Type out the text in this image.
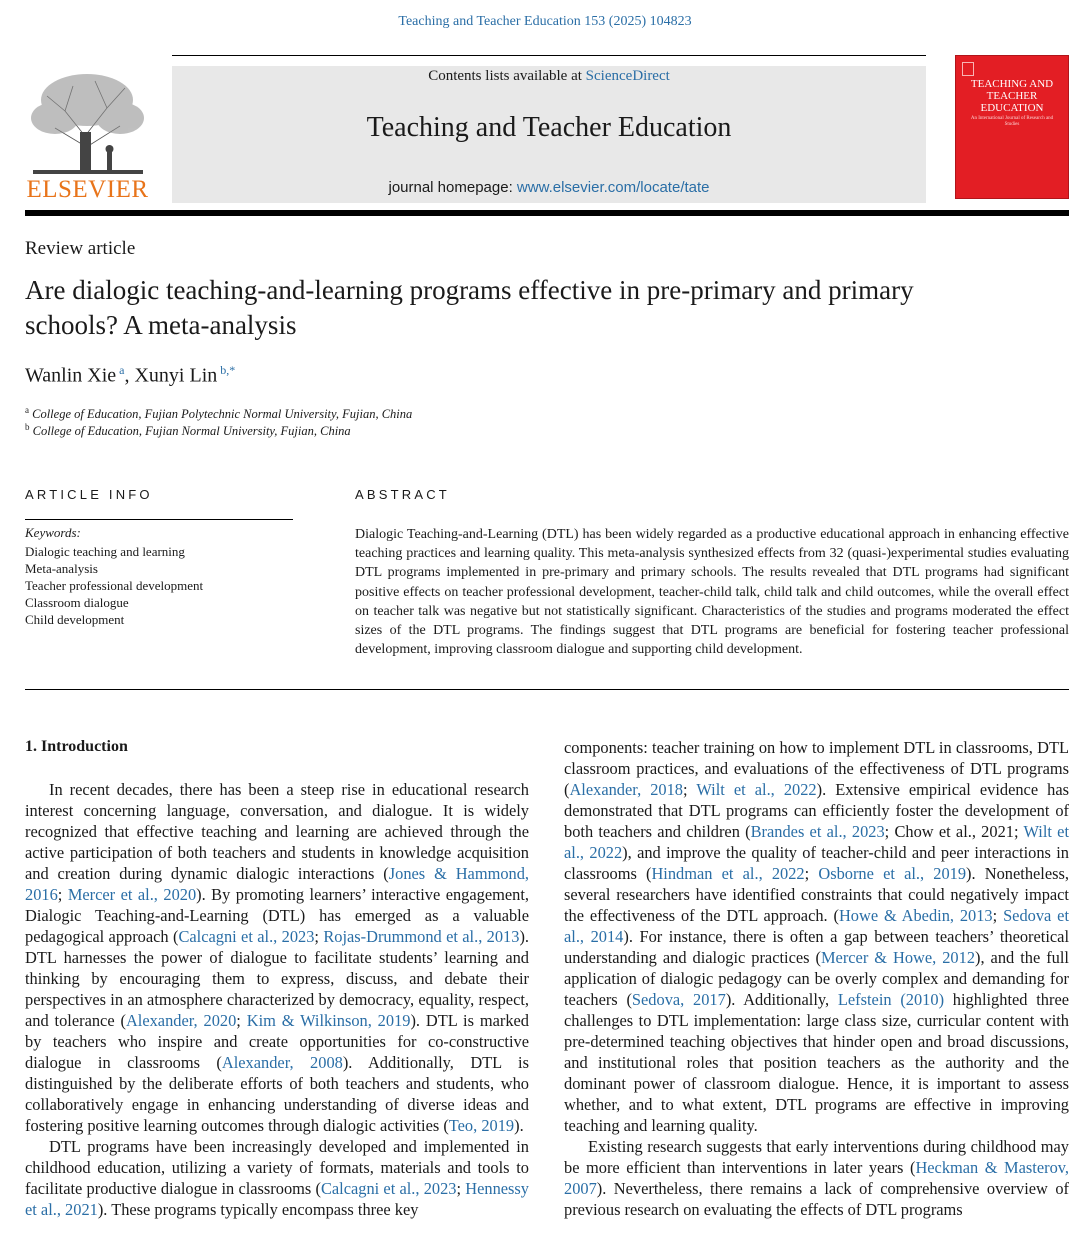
Teaching and Teacher Education 153 (2025) 104823
ELSEVIER
Contents lists available at ScienceDirect
Teaching and Teacher Education
journal homepage: www.elsevier.com/locate/tate
TEACHING AND TEACHER EDUCATION
An International Journal of Research and Studies
Review article
Are dialogic teaching-and-learning programs effective in pre-primary and primary schools? A meta-analysis
Wanlin Xie $^a$, Xunyi Lin $^{b,*}$
$^a$ College of Education, Fujian Polytechnic Normal University, Fujian, China
$^b$ College of Education, Fujian Normal University, Fujian, China
ARTICLE INFO	ABSTRACT
Keywords:
Dialogic teaching and learning
Meta-analysis
Teacher professional development
Classroom dialogue
Child development
Dialogic Teaching-and-Learning (DTL) has been widely regarded as a productive educational approach in enhancing effective teaching practices and learning quality. This meta-analysis synthesized effects from 32 (quasi-)experimental studies evaluating DTL programs implemented in pre-primary and primary schools. The results revealed that DTL programs had significant positive effects on teacher professional development, teacher-child talk, child talk and child outcomes, while the overall effect on teacher talk was negative but not statistically significant. Characteristics of the studies and programs moderated the effect sizes of the DTL programs. The findings suggest that DTL programs are beneficial for fostering teacher professional development, improving classroom dialogue and supporting child development.
1. Introduction

In recent decades, there has been a steep rise in educational research interest concerning language, conversation, and dialogue. It is widely recognized that effective teaching and learning are achieved through the active participation of both teachers and students in knowledge acquisition and creation during dynamic dialogic interactions (Jones & Hammond, 2016; Mercer et al., 2020). By promoting learners’ interactive engagement, Dialogic Teaching-and-Learning (DTL) has emerged as a valuable pedagogical approach (Calcagni et al., 2023; Rojas-Drummond et al., 2013). DTL harnesses the power of dialogue to facilitate students’ learning and thinking by encouraging them to express, discuss, and debate their perspectives in an atmosphere characterized by democracy, equality, respect, and tolerance (Alexander, 2020; Kim & Wilkinson, 2019). DTL is marked by teachers who inspire and create opportunities for co-constructive dialogue in classrooms (Alexander, 2008). Additionally, DTL is distinguished by the deliberate efforts of both teachers and students, who collaboratively engage in enhancing understanding of diverse ideas and fostering positive learning outcomes through dialogic activities (Teo, 2019).

DTL programs have been increasingly developed and implemented in childhood education, utilizing a variety of formats, materials and tools to facilitate productive dialogue in classrooms (Calcagni et al., 2023; Hennessy et al., 2021). These programs typically encompass three key

components: teacher training on how to implement DTL in classrooms, DTL classroom practices, and evaluations of the effectiveness of DTL programs (Alexander, 2018; Wilt et al., 2022). Extensive empirical evidence has demonstrated that DTL programs can efficiently foster the development of both teachers and children (Brandes et al., 2023; Chow et al., 2021; Wilt et al., 2022), and improve the quality of teacher-child and peer interactions in classrooms (Hindman et al., 2022; Osborne et al., 2019). Nonetheless, several researchers have identified constraints that could negatively impact the effectiveness of the DTL approach. (Howe & Abedin, 2013; Sedova et al., 2014). For instance, there is often a gap between teachers’ theoretical understanding and dialogic practices (Mercer & Howe, 2012), and the full application of dialogic pedagogy can be overly complex and demanding for teachers (Sedova, 2017). Additionally, Lefstein (2010) highlighted three challenges to DTL implementation: large class size, curricular content with pre-determined teaching objectives that hinder open and broad discussions, and institutional roles that position teachers as the authority and the dominant power of classroom dialogue. Hence, it is important to assess whether, and to what extent, DTL programs are effective in improving teaching and learning quality.

Existing research suggests that early interventions during childhood may be more efficient than interventions in later years (Heckman & Masterov, 2007). Nevertheless, there remains a lack of comprehensive overview of previous research on evaluating the effects of DTL programs
